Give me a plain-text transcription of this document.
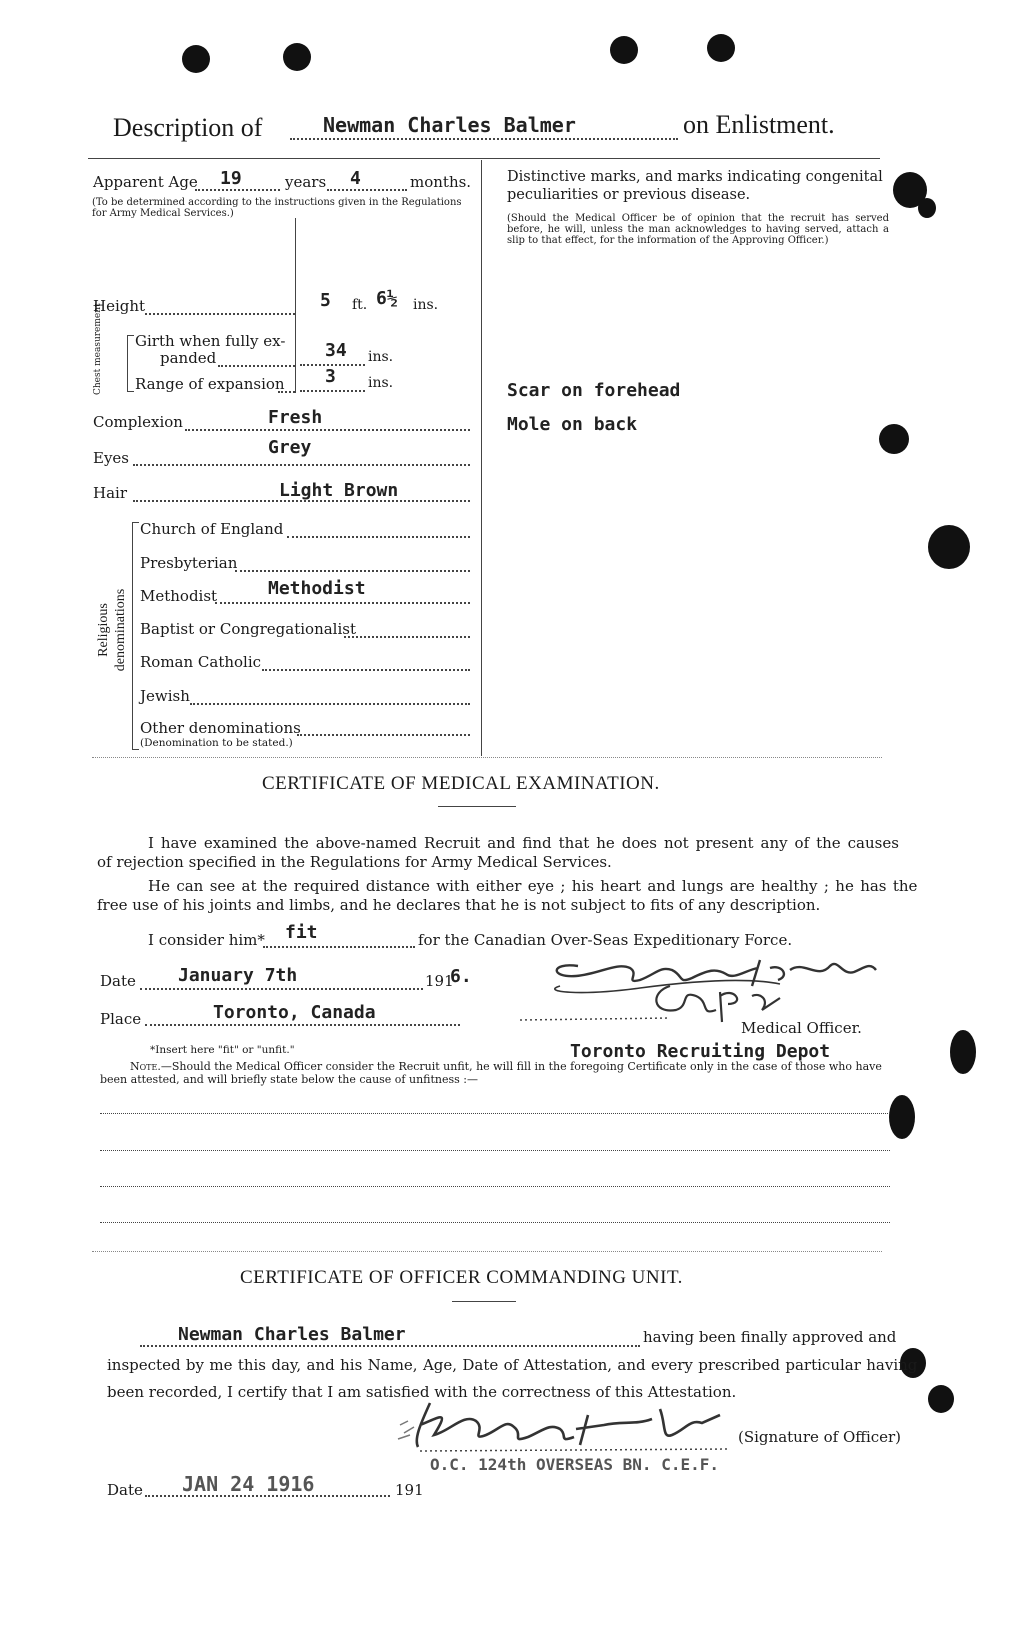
Description of	Newman Charles Balmer	on Enlistment.
Apparent Age 19	years 4	months.
(To be determined according to the instructions given in the Regulations for Army Medical Services.)
Height	5 ft. 6½ ins.
Chest measurement Girth when fully ex-
panded	34 ins.
Range of expansion 3 ins.
Complexion	Fresh
Eyes	Grey
Hair	Light Brown
Religious denominations
Church of England
Presbyterian
Methodist	Methodist
Baptist or Congregationalist
Roman Catholic
Jewish
Other denominations
(Denomination to be stated.)
Distinctive marks, and marks indicating congenital peculiarities or previous disease.
(Should the Medical Officer be of opinion that the recruit has served before, he will, unless the man acknowledges to having served, attach a slip to that effect, for the information of the Approving Officer.)
Scar on forehead
Mole on back
CERTIFICATE OF MEDICAL EXAMINATION.
I have examined the above-named Recruit and find that he does not present any of the causes
of rejection specified in the Regulations for Army Medical Services.
He can see at the required distance with either eye ; his heart and lungs are healthy ; he has the
free use of his joints and limbs, and he declares that he is not subject to fits of any description.
I consider him* fit	for the Canadian Over-Seas Expeditionary Force.
Date January 7th	191
6.
Place	Toronto, Canada
Medical Officer.
Toronto Recruiting Depot
*Insert here "fit" or "unfit."
Note.—Should the Medical Officer consider the Recruit unfit, he will fill in the foregoing Certificate only in the case of those who have
been attested, and will briefly state below the cause of unfitness :—
CERTIFICATE OF OFFICER COMMANDING UNIT.
Newman Charles Balmer	having been finally approved and
inspected by me this day, and his Name, Age, Date of Attestation, and every prescribed particular having
been recorded, I certify that I am satisfied with the correctness of this Attestation.
(Signature of Officer)
O.C. 124th OVERSEAS BN. C.E.F.
Date JAN 24 1916	191
